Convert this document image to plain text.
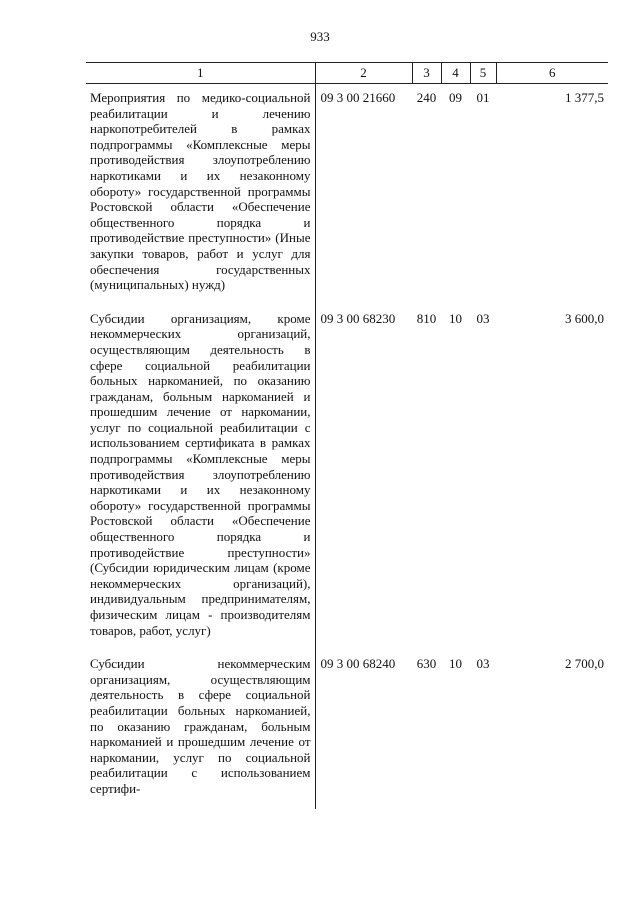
933
1	2	3	4	5	6
Мероприятия по медико-социальной реабилитации и лечению наркопотребителей в рамках подпрограммы «Комплексные меры противодействия злоупотреблению наркотиками и их незаконному обороту» государственной программы Ростовской области «Обеспечение общественного порядка и противодействие преступности» (Иные закупки товаров, работ и услуг для обеспечения государственных (муниципальных) нужд)	09 3 00 21660	240	09	01	1 377,5
Субсидии организациям, кроме некоммерческих организаций, осуществляющим деятельность в сфере социальной реабилитации больных наркоманией, по оказанию гражданам, больным наркоманией и прошедшим лечение от наркомании, услуг по социальной реабилитации с использованием сертификата в рамках подпрограммы «Комплексные меры противодействия злоупотреблению наркотиками и их незаконному обороту» государственной программы Ростовской области «Обеспечение общественного порядка и противодействие преступности» (Субсидии юридическим лицам (кроме некоммерческих организаций), индивидуальным предпринимателям, физическим лицам - производителям товаров, работ, услуг)	09 3 00 68230	810	10	03	3 600,0
Субсидии некоммерческим организациям, осуществляющим деятельность в сфере социальной реабилитации больных наркоманией, по оказанию гражданам, больным наркоманией и прошедшим лечение от наркомании, услуг по социальной реабилитации с использованием сертифи-	09 3 00 68240	630	10	03	2 700,0
